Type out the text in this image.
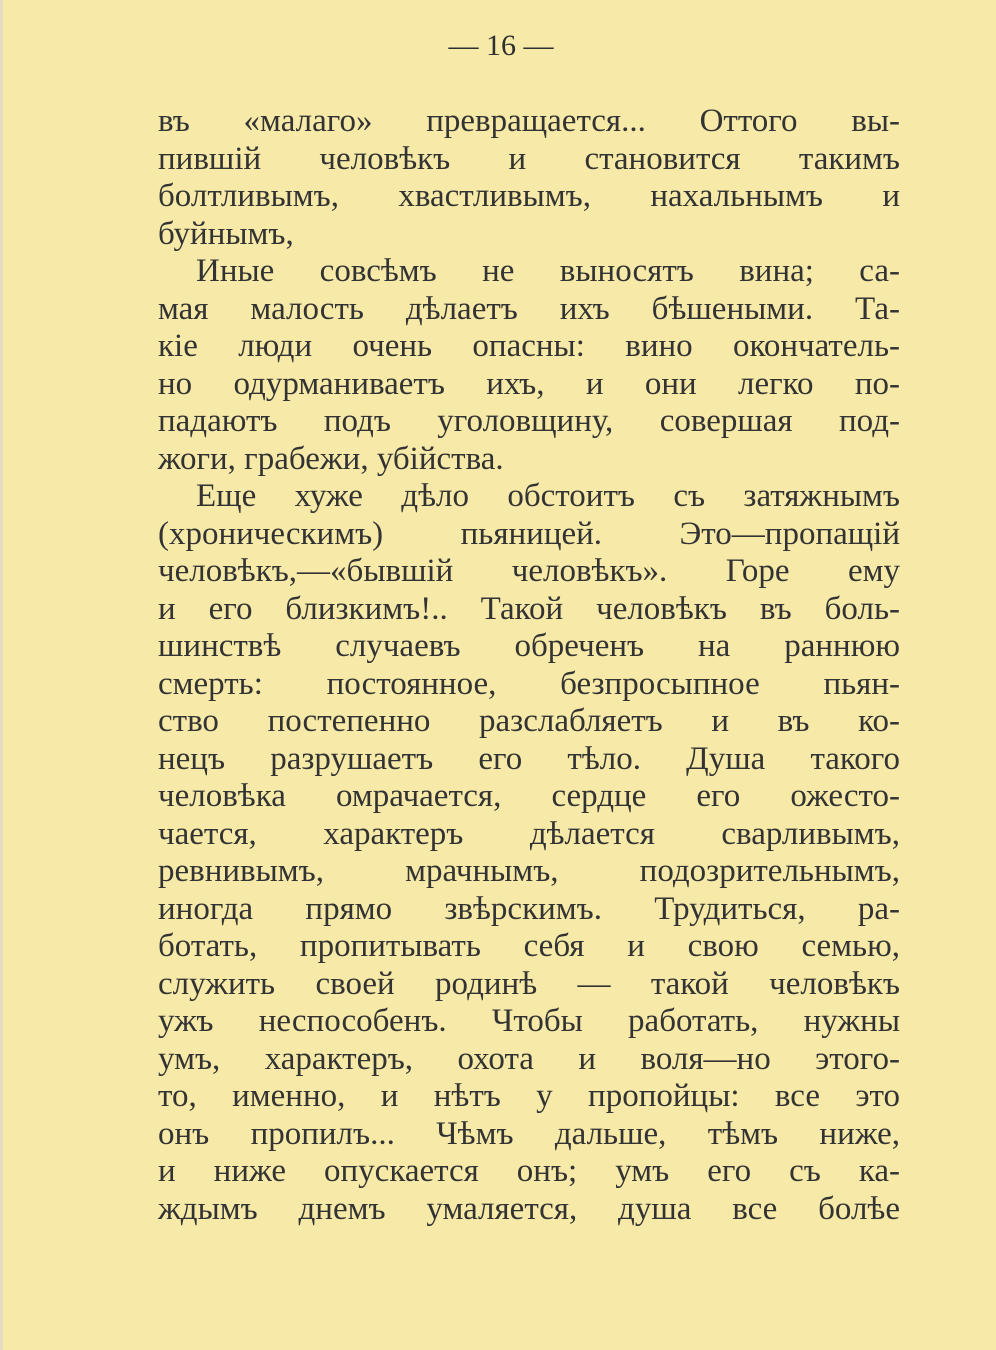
— 16 —
въ «малаго» превращается... Оттого вы-
пившій человѣкъ и становится такимъ
болтливымъ, хвастливымъ, нахальнымъ и
буйнымъ,
Иные совсѣмъ не выносятъ вина; са-
мая малость дѣлаетъ ихъ бѣшеными. Та-
кіе люди очень опасны: вино окончатель-
но одурманиваетъ ихъ, и они легко по-
падаютъ подъ уголовщину, совершая под-
жоги, грабежи, убійства.
Еще хуже дѣло обстоитъ съ затяжнымъ
(хроническимъ) пьяницей. Это—пропащій
человѣкъ,—«бывшій человѣкъ». Горе ему
и его близкимъ!.. Такой человѣкъ въ боль-
шинствѣ случаевъ обреченъ на раннюю
смерть: постоянное, безпросыпное пьян-
ство постепенно разслабляетъ и въ ко-
нецъ разрушаетъ его тѣло. Душа такого
человѣка омрачается, сердце его ожесто-
чается, характеръ дѣлается сварливымъ,
ревнивымъ, мрачнымъ, подозрительнымъ,
иногда прямо звѣрскимъ. Трудиться, ра-
ботать, пропитывать себя и свою семью,
служить своей родинѣ — такой человѣкъ
ужъ неспособенъ. Чтобы работать, нужны
умъ, характеръ, охота и воля—но этого-
то, именно, и нѣтъ у пропойцы: все это
онъ пропилъ... Чѣмъ дальше, тѣмъ ниже,
и ниже опускается онъ; умъ его съ ка-
ждымъ днемъ умаляется, душа все болѣе
